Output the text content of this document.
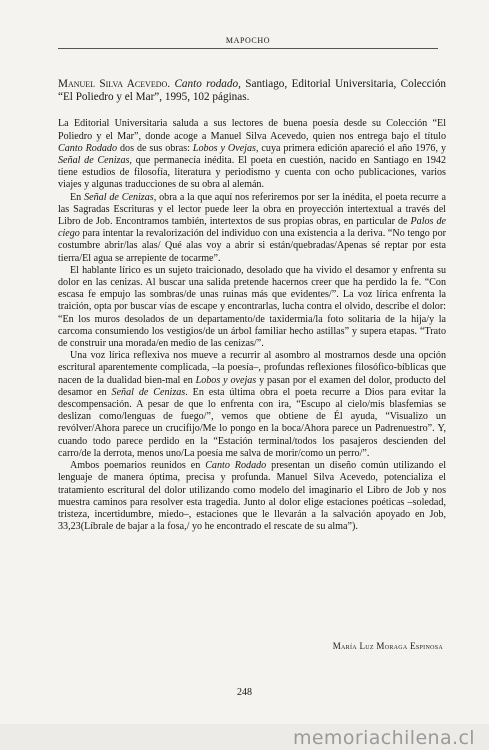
MAPOCHO

Manuel Silva Acevedo. Canto rodado, Santiago, Editorial Universitaria, Colección “El Poliedro y el Mar”, 1995, 102 páginas.

La Editorial Universitaria saluda a sus lectores de buena poesía desde su Colección “El Poliedro y el Mar”, donde acoge a Manuel Silva Acevedo, quien nos entrega bajo el título Canto Rodado dos de sus obras: Lobos y Ovejas, cuya primera edición apareció el año 1976, y Señal de Cenizas, que permanecía inédita. El poeta en cuestión, nacido en Santiago en 1942 tiene estudios de filosofía, literatura y periodismo y cuenta con ocho publicaciones, varios viajes y algunas traducciones de su obra al alemán.

En Señal de Cenizas, obra a la que aquí nos referiremos por ser la inédita, el poeta recurre a las Sagradas Escrituras y el lector puede leer la obra en proyección intertextual a través del Libro de Job. Encontramos también, intertextos de sus propias obras, en particular de Palos de ciego para intentar la revalorización del individuo con una existencia a la deriva. “No tengo por costumbre abrir/las alas/ Qué alas voy a abrir si están/quebradas/Apenas sé reptar por esta tierra/El agua se arrepiente de tocarme”.

El hablante lírico es un sujeto traicionado, desolado que ha vivido el desamor y enfrenta su dolor en las cenizas. Al buscar una salida pretende hacernos creer que ha perdido la fe. “Con escasa fe empujo las sombras/de unas ruinas más que evidentes/”. La voz lírica enfrenta la traición, opta por buscar vías de escape y encontrarlas, lucha contra el olvido, describe el dolor: “En los muros desolados de un departamento/de taxidermia/la foto solitaria de la hija/y la carcoma consumiendo los vestigios/de un árbol familiar hecho astillas” y supera etapas. “Trato de construir una morada/en medio de las cenizas/”.

Una voz lírica reflexiva nos mueve a recurrir al asombro al mostrarnos desde una opción escritural aparentemente complicada, –la poesía–, profundas reflexiones filosófico-bíblicas que nacen de la dualidad bien-mal en Lobos y ovejas y pasan por el examen del dolor, producto del desamor en Señal de Cenizas. En esta última obra el poeta recurre a Dios para evitar la descompensación. A pesar de que lo enfrenta con ira, “Escupo al cielo/mis blasfemias se deslizan como/lenguas de fuego/”, vemos que obtiene de Él ayuda, “Visualizo un revólver/Ahora parece un crucifijo/Me lo pongo en la boca/Ahora parece un Padrenuestro”. Y, cuando todo parece perdido en la “Estación terminal/todos los pasajeros descienden del carro/de la derrota, menos uno/La poesía me salva de morir/como un perro/”.

Ambos poemarios reunidos en Canto Rodado presentan un diseño común utilizando el lenguaje de manera óptima, precisa y profunda. Manuel Silva Acevedo, potencializa el tratamiento escritural del dolor utilizando como modelo del imaginario el Libro de Job y nos muestra caminos para resolver esta tragedia. Junto al dolor elige estaciones poéticas –soledad, tristeza, incertidumbre, miedo–, estaciones que le llevarán a la salvación apoyado en Job, 33,23(Líbrale de bajar a la fosa,/ yo he encontrado el rescate de su alma”).

María Luz Moraga Espinosa
248
memoriachilena.cl
